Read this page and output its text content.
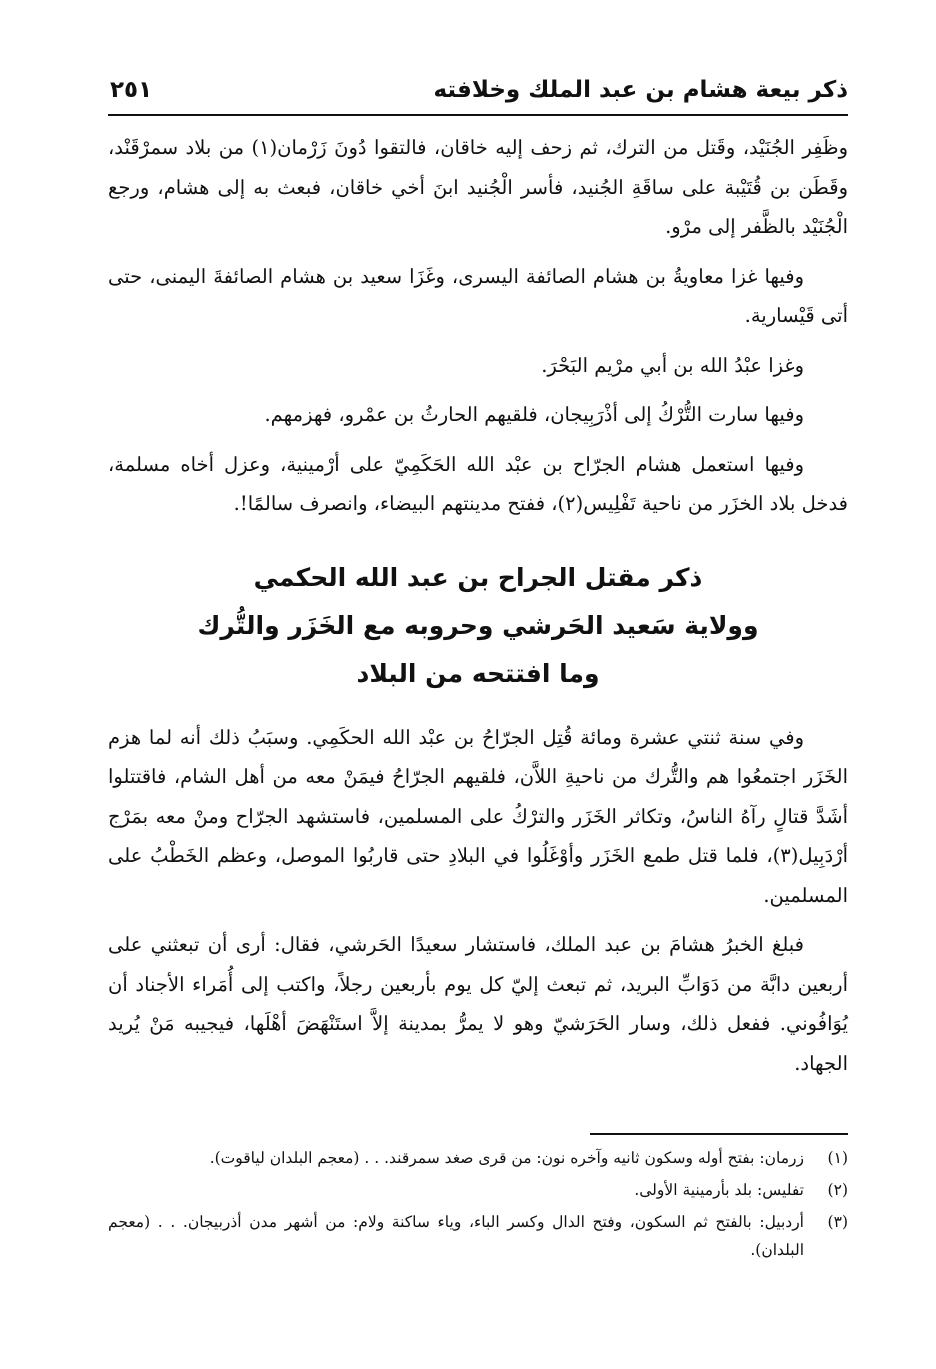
ذكر بيعة هشام بن عبد الملك وخلافته
٢٥١

وظَفِر الجُنَيْد، وقَتل من الترك، ثم زحف إليه خاقان، فالتقوا دُونَ زَرْمان(١) من بلاد سمرْقَنْد، وقَطَن بن قُتَيْبة على ساقَةِ الجُنيد، فأسر الْجُنيد ابنَ أخي خاقان، فبعث به إلى هشام، ورجع الْجُنَيْد بالظَّفر إلى مرْو.

وفيها غزا معاويةُ بن هشام الصائفة اليسرى، وغَزَا سعيد بن هشام الصائفةَ اليمنى، حتى أتى قَيْسارية.

وغزا عبْدُ الله بن أبي مرْيم البَحْرَ.

وفيها سارت التُّرْكُ إلى أذْرَبِيجان، فلقيهم الحارثُ بن عمْرو، فهزمهم.

وفيها استعمل هشام الجرّاح بن عبْد الله الحَكَمِيّ على أرْمينية، وعزل أخاه مسلمة، فدخل بلاد الخزَر من ناحية تَفْلِيس(٢)، ففتح مدينتهم البيضاء، وانصرف سالمًا!.

ذكر مقتل الجراح بن عبد الله الحكمي
وولاية سَعيد الحَرشي وحروبه مع الخَزَر والتُّرك
وما افتتحه من البلاد

وفي سنة ثنتي عشرة ومائة قُتِل الجرّاحُ بن عبْد الله الحكَمِي. وسبَبُ ذلك أنه لما هزم الخَزَر اجتمعُوا هم والتُّرك من ناحيةِ اللاَّن، فلقيهم الجرّاحُ فيمَنْ معه من أهل الشام، فاقتتلوا أشَدَّ قتالٍ رآهُ الناسُ، وتكاثر الخَزَر والترْكُ على المسلمين، فاستشهد الجرّاح ومنْ معه بمَرْج أرْدَبِيل(٣)، فلما قتل طمع الخَزَر وأوْغَلُوا في البلادِ حتى قاربُوا الموصل، وعظم الخَطْبُ على المسلمين.

فبلغ الخبرُ هشامَ بن عبد الملك، فاستشار سعيدًا الحَرشي، فقال: أرى أن تبعثني على أربعين دابَّة من دَوَابِّ البريد، ثم تبعث إليّ كل يوم بأربعين رجلاً، واكتب إلى أُمَراء الأجناد أن يُوَافُوني. ففعل ذلك، وسار الحَرَشيّ وهو لا يمرُّ بمدينة إلاَّ استَنْهَضَ أهْلَها، فيجيبه مَنْ يُريد الجهاد.

(١)
زرمان: بفتح أوله وسكون ثانيه وآخره نون: من قرى صغد سمرقند. . . (معجم البلدان لياقوت).
(٢)
تفليس: بلد بأرمينية الأولى.
(٣)
أردبيل: بالفتح ثم السكون، وفتح الدال وكسر الباء، وياء ساكنة ولام: من أشهر مدن أذربيجان. . . (معجم البلدان).
